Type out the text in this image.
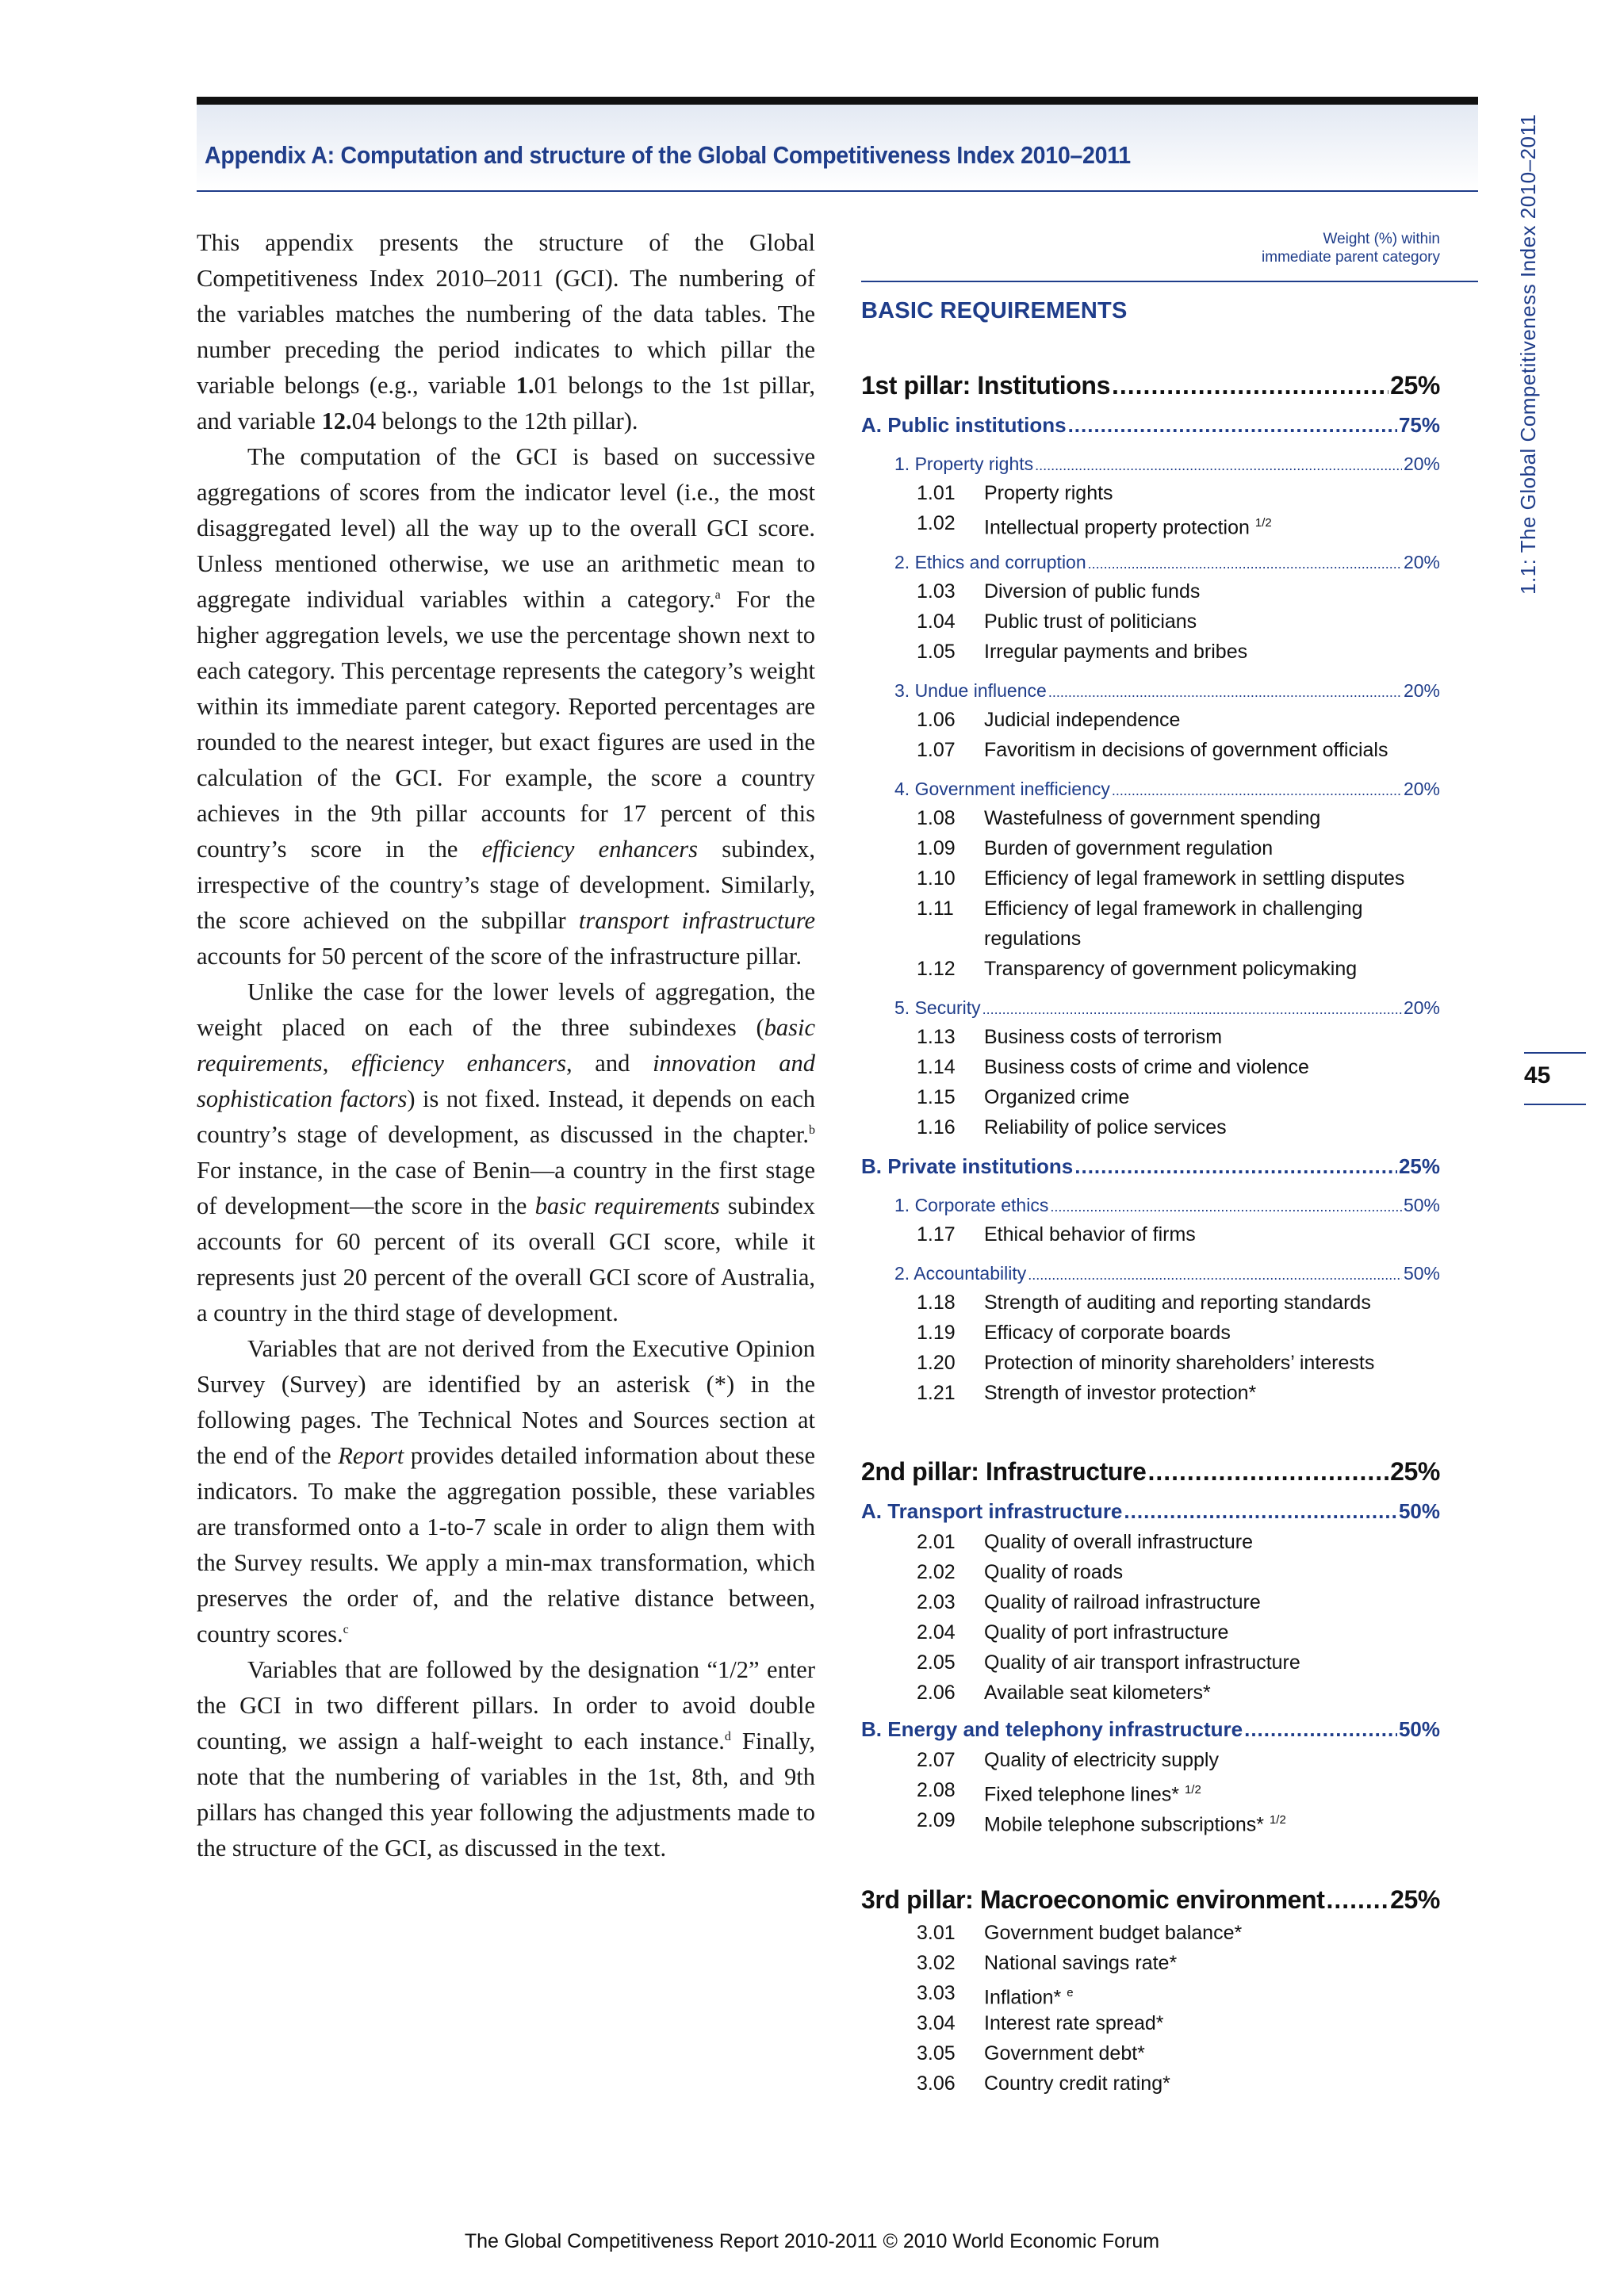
Appendix A: Computation and structure of the Global Competitiveness Index 2010–2011	1.1: The Global Competitiveness Index 2010–2011
45

This appendix presents the structure of the Global Competitiveness Index 2010–2011 (GCI). The numbering of the variables matches the numbering of the data tables. The number preceding the period indicates to which pillar the variable belongs (e.g., variable 1.01 belongs to the 1st pillar, and variable 12.04 belongs to the 12th pillar).

The computation of the GCI is based on successive aggregations of scores from the indicator level (i.e., the most disaggregated level) all the way up to the overall GCI score. Unless mentioned otherwise, we use an arithmetic mean to aggregate individual variables within a category.$^a$ For the higher aggregation levels, we use the percentage shown next to each category. This percentage represents the category’s weight within its immediate parent category. Reported percentages are rounded to the nearest integer, but exact figures are used in the calculation of the GCI. For example, the score a country achieves in the 9th pillar accounts for 17 percent of this country’s score in the efficiency enhancers subindex, irrespective of the country’s stage of development. Similarly, the score achieved on the subpillar transport infrastructure accounts for 50 percent of the score of the infrastructure pillar.

Unlike the case for the lower levels of aggregation, the weight placed on each of the three subindexes (basic requirements, efficiency enhancers, and innovation and sophistication factors) is not fixed. Instead, it depends on each country’s stage of development, as discussed in the chapter.$^b$ For instance, in the case of Benin—a country in the first stage of development—the score in the basic requirements subindex accounts for 60 percent of its overall GCI score, while it represents just 20 percent of the overall GCI score of Australia, a country in the third stage of development.

Variables that are not derived from the Executive Opinion Survey (Survey) are identified by an asterisk (*) in the following pages. The Technical Notes and Sources section at the end of the Report provides detailed information about these indicators. To make the aggregation possible, these variables are transformed onto a 1-to-7 scale in order to align them with the Survey results. We apply a min-max transformation, which preserves the order of, and the relative distance between, country scores.$^c$

Variables that are followed by the designation “1/2” enter the GCI in two different pillars. In order to avoid double counting, we assign a half-weight to each instance.$^d$ Finally, note that the numbering of variables in the 1st, 8th, and 9th pillars has changed this year following the adjustments made to the structure of the GCI, as discussed in the text.

Weight (%) within
immediate parent category
BASIC REQUIREMENTS
1st pillar: Institutions .....	25%
A. Public institutions .....	75%
1. Property rights .....	20%
1.01	Property rights
1.02	Intellectual property protection $^{1/2}$
2. Ethics and corruption .....	20%
1.03	Diversion of public funds
1.04	Public trust of politicians
1.05	Irregular payments and bribes
3. Undue influence .....	20%
1.06	Judicial independence
1.07	Favoritism in decisions of government officials
4. Government inefficiency .....	20%
1.08	Wastefulness of government spending
1.09	Burden of government regulation
1.10	Efficiency of legal framework in settling disputes
1.11	Efficiency of legal framework in challenging regulations
1.12	Transparency of government policymaking
5. Security .....	20%
1.13	Business costs of terrorism
1.14	Business costs of crime and violence
1.15	Organized crime
1.16	Reliability of police services
B. Private institutions .....	25%
1. Corporate ethics .....	50%
1.17	Ethical behavior of firms
2. Accountability .....	50%
1.18	Strength of auditing and reporting standards
1.19	Efficacy of corporate boards
1.20	Protection of minority shareholders’ interests
1.21	Strength of investor protection*
2nd pillar: Infrastructure .....	25%
A. Transport infrastructure .....	50%
2.01	Quality of overall infrastructure
2.02	Quality of roads
2.03	Quality of railroad infrastructure
2.04	Quality of port infrastructure
2.05	Quality of air transport infrastructure
2.06	Available seat kilometers*
B. Energy and telephony infrastructure .....	50%
2.07	Quality of electricity supply
2.08	Fixed telephone lines* $^{1/2}$
2.09	Mobile telephone subscriptions* $^{1/2}$
3rd pillar: Macroeconomic environment .....	25%
3.01	Government budget balance*
3.02	National savings rate*
3.03	Inflation* $^e$
3.04	Interest rate spread*
3.05	Government debt*
3.06	Country credit rating*
The Global Competitiveness Report 2010-2011 © 2010 World Economic Forum
